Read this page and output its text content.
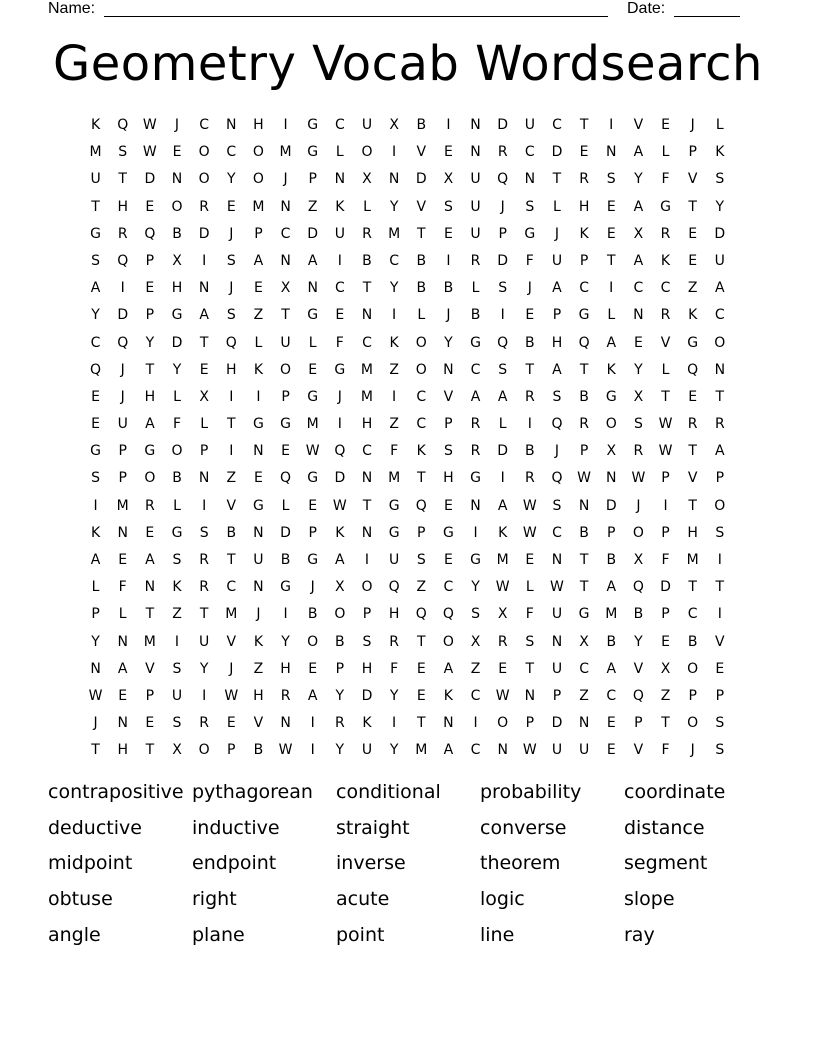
Name:	Date:
Geometry Vocab Wordsearch
K	Q	W	J	C	N	H	I	G	C	U	X	B	I	N	D	U	C	T	I	V	E	J	L
M	S	W	E	O	C	O	M	G	L	O	I	V	E	N	R	C	D	E	N	A	L	P	K
U	T	D	N	O	Y	O	J	P	N	X	N	D	X	U	Q	N	T	R	S	Y	F	V	S
T	H	E	O	R	E	M	N	Z	K	L	Y	V	S	U	J	S	L	H	E	A	G	T	Y
G	R	Q	B	D	J	P	C	D	U	R	M	T	E	U	P	G	J	K	E	X	R	E	D
S	Q	P	X	I	S	A	N	A	I	B	C	B	I	R	D	F	U	P	T	A	K	E	U
A	I	E	H	N	J	E	X	N	C	T	Y	B	B	L	S	J	A	C	I	C	C	Z	A
Y	D	P	G	A	S	Z	T	G	E	N	I	L	J	B	I	E	P	G	L	N	R	K	C
C	Q	Y	D	T	Q	L	U	L	F	C	K	O	Y	G	Q	B	H	Q	A	E	V	G	O
Q	J	T	Y	E	H	K	O	E	G	M	Z	O	N	C	S	T	A	T	K	Y	L	Q	N
E	J	H	L	X	I	I	P	G	J	M	I	C	V	A	A	R	S	B	G	X	T	E	T
E	U	A	F	L	T	G	G	M	I	H	Z	C	P	R	L	I	Q	R	O	S	W	R	R
G	P	G	O	P	I	N	E	W	Q	C	F	K	S	R	D	B	J	P	X	R	W	T	A
S	P	O	B	N	Z	E	Q	G	D	N	M	T	H	G	I	R	Q	W	N	W	P	V	P
I	M	R	L	I	V	G	L	E	W	T	G	Q	E	N	A	W	S	N	D	J	I	T	O
K	N	E	G	S	B	N	D	P	K	N	G	P	G	I	K	W	C	B	P	O	P	H	S
A	E	A	S	R	T	U	B	G	A	I	U	S	E	G	M	E	N	T	B	X	F	M	I
L	F	N	K	R	C	N	G	J	X	O	Q	Z	C	Y	W	L	W	T	A	Q	D	T	T
P	L	T	Z	T	M	J	I	B	O	P	H	Q	Q	S	X	F	U	G	M	B	P	C	I
Y	N	M	I	U	V	K	Y	O	B	S	R	T	O	X	R	S	N	X	B	Y	E	B	V
N	A	V	S	Y	J	Z	H	E	P	H	F	E	A	Z	E	T	U	C	A	V	X	O	E
W	E	P	U	I	W	H	R	A	Y	D	Y	E	K	C	W	N	P	Z	C	Q	Z	P	P
J	N	E	S	R	E	V	N	I	R	K	I	T	N	I	O	P	D	N	E	P	T	O	S
T	H	T	X	O	P	B	W	I	Y	U	Y	M	A	C	N	W	U	U	E	V	F	J	S
contrapositive pythagorean	conditional	probability	coordinate
deductive	inductive	straight	converse	distance
midpoint	endpoint	inverse	theorem	segment
obtuse	right	acute	logic	slope
angle	plane	point	line	ray
